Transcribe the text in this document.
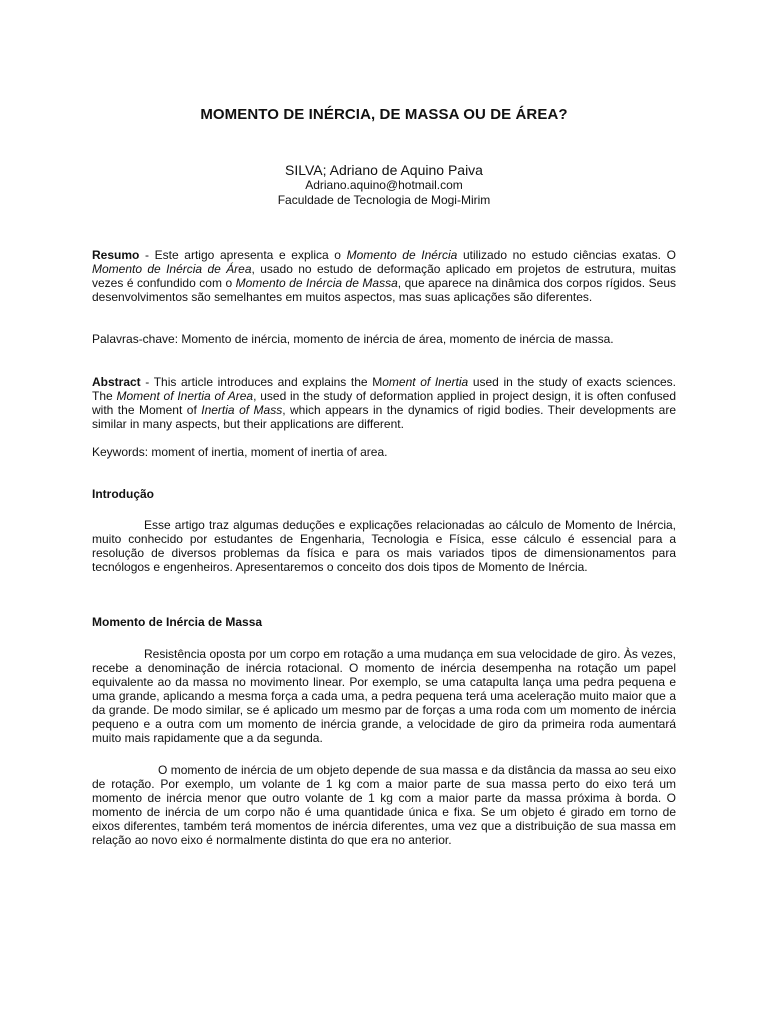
MOMENTO DE INÉRCIA, DE MASSA OU DE ÁREA?
SILVA; Adriano de Aquino Paiva
Adriano.aquino@hotmail.com
Faculdade de Tecnologia de Mogi-Mirim

Resumo - Este artigo apresenta e explica o Momento de Inércia utilizado no estudo ciências exatas. O Momento de Inércia de Área, usado no estudo de deformação aplicado em projetos de estrutura, muitas vezes é confundido com o Momento de Inércia de Massa, que aparece na dinâmica dos corpos rígidos. Seus desenvolvimentos são semelhantes em muitos aspectos, mas suas aplicações são diferentes.

Palavras-chave: Momento de inércia, momento de inércia de área, momento de inércia de massa.

Abstract - This article introduces and explains the Moment of Inertia used in the study of exacts sciences. The Moment of Inertia of Area, used in the study of deformation applied in project design, it is often confused with the Moment of Inertia of Mass, which appears in the dynamics of rigid bodies. Their developments are similar in many aspects, but their applications are different.

Keywords: moment of inertia, moment of inertia of area.

Introdução

Esse artigo traz algumas deduções e explicações relacionadas ao cálculo de Momento de Inércia, muito conhecido por estudantes de Engenharia, Tecnologia e Física, esse cálculo é essencial para a resolução de diversos problemas da física e para os mais variados tipos de dimensionamentos para tecnólogos e engenheiros. Apresentaremos o conceito dos dois tipos de Momento de Inércia.

Momento de Inércia de Massa

Resistência oposta por um corpo em rotação a uma mudança em sua velocidade de giro. Às vezes, recebe a denominação de inércia rotacional. O momento de inércia desempenha na rotação um papel equivalente ao da massa no movimento linear. Por exemplo, se uma catapulta lança uma pedra pequena e uma grande, aplicando a mesma força a cada uma, a pedra pequena terá uma aceleração muito maior que a da grande. De modo similar, se é aplicado um mesmo par de forças a uma roda com um momento de inércia pequeno e a outra com um momento de inércia grande, a velocidade de giro da primeira roda aumentará muito mais rapidamente que a da segunda.

O momento de inércia de um objeto depende de sua massa e da distância da massa ao seu eixo de rotação. Por exemplo, um volante de 1 kg com a maior parte de sua massa perto do eixo terá um momento de inércia menor que outro volante de 1 kg com a maior parte da massa próxima à borda. O momento de inércia de um corpo não é uma quantidade única e fixa. Se um objeto é girado em torno de eixos diferentes, também terá momentos de inércia diferentes, uma vez que a distribuição de sua massa em relação ao novo eixo é normalmente distinta do que era no anterior.
